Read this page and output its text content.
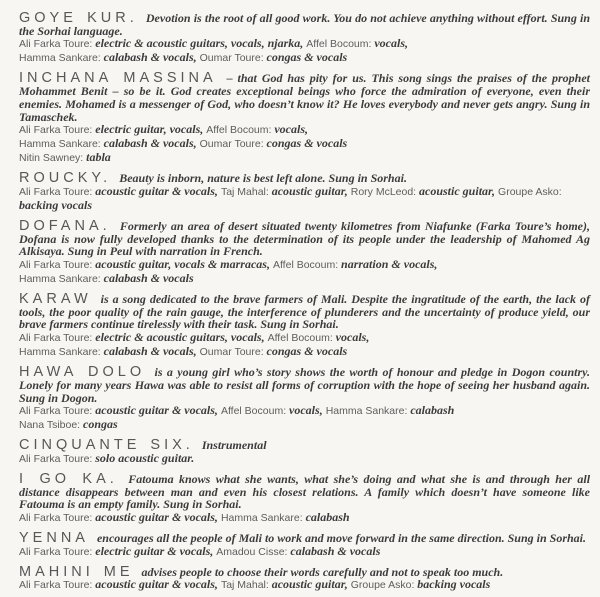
GOYE KUR. Devotion is the root of all good work. You do not achieve anything without effort. Sung in the Sorhai language.

Ali Farka Toure: electric & acoustic guitars, vocals, njarka, Affel Bocoum: vocals,
Hamma Sankare: calabash & vocals, Oumar Toure: congas & vocals

INCHANA MASSINA – that God has pity for us. This song sings the praises of the prophet Mohammet Benit – so be it. God creates exceptional beings who force the admiration of everyone, even their enemies. Mohamed is a messenger of God, who doesn’t know it? He loves everybody and never gets angry. Sung in Tamaschek.

Ali Farka Toure: electric guitar, vocals, Affel Bocoum: vocals,
Hamma Sankare: calabash & vocals, Oumar Toure: congas & vocals
Nitin Sawney: tabla

ROUCKY. Beauty is inborn, nature is best left alone. Sung in Sorhai.

Ali Farka Toure: acoustic guitar & vocals, Taj Mahal: acoustic guitar, Rory McLeod: acoustic guitar, Groupe Asko: backing vocals

DOFANA. Formerly an area of desert situated twenty kilometres from Niafunke (Farka Toure’s home), Dofana is now fully developed thanks to the determination of its people under the leadership of Mahomed Ag Alkisaya. Sung in Peul with narration in French.

Ali Farka Toure: acoustic guitar, vocals & marracas, Affel Bocoum: narration & vocals,
Hamma Sankare: calabash & vocals

KARAW is a song dedicated to the brave farmers of Mali. Despite the ingratitude of the earth, the lack of tools, the poor quality of the rain gauge, the interference of plunderers and the uncertainty of produce yield, our brave farmers continue tirelessly with their task. Sung in Sorhai.

Ali Farka Toure: electric & acoustic guitars, vocals, Affel Bocoum: vocals,
Hamma Sankare: calabash & vocals, Oumar Toure: congas & vocals

HAWA DOLO is a young girl who’s story shows the worth of honour and pledge in Dogon country. Lonely for many years Hawa was able to resist all forms of corruption with the hope of seeing her husband again. Sung in Dogon.

Ali Farka Toure: acoustic guitar & vocals, Affel Bocoum: vocals, Hamma Sankare: calabash
Nana Tsiboe: congas

CINQUANTE SIX. Instrumental

Ali Farka Toure: solo acoustic guitar.

I GO KA. Fatouma knows what she wants, what she’s doing and what she is and through her all distance disappears between man and even his closest relations. A family which doesn’t have someone like Fatouma is an empty family. Sung in Sorhai.

Ali Farka Toure: acoustic guitar & vocals, Hamma Sankare: calabash

YENNA encourages all the people of Mali to work and move forward in the same direction. Sung in Sorhai.

Ali Farka Toure: electric guitar & vocals, Amadou Cisse: calabash & vocals

MAHINI ME advises people to choose their words carefully and not to speak too much.

Ali Farka Toure: acoustic guitar & vocals, Taj Mahal: acoustic guitar, Groupe Asko: backing vocals
